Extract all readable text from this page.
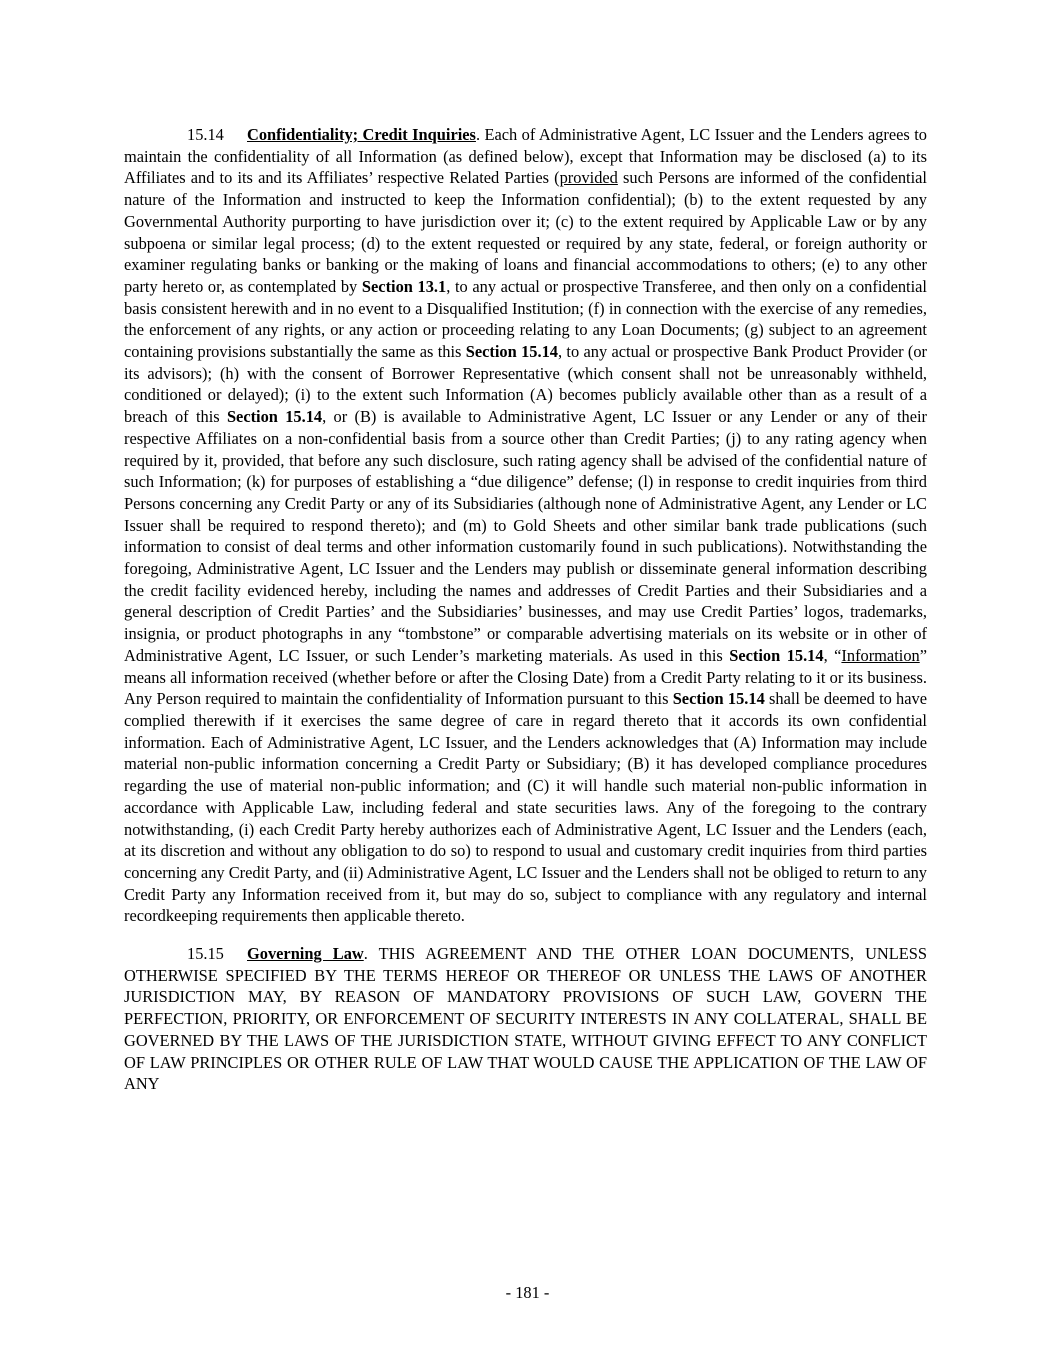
15.14 Confidentiality; Credit Inquiries. Each of Administrative Agent, LC Issuer and the Lenders agrees to maintain the confidentiality of all Information (as defined below), except that Information may be disclosed (a) to its Affiliates and to its and its Affiliates’ respective Related Parties (provided such Persons are informed of the confidential nature of the Information and instructed to keep the Information confidential); (b) to the extent requested by any Governmental Authority purporting to have jurisdiction over it; (c) to the extent required by Applicable Law or by any subpoena or similar legal process; (d) to the extent requested or required by any state, federal, or foreign authority or examiner regulating banks or banking or the making of loans and financial accommodations to others; (e) to any other party hereto or, as contemplated by Section 13.1, to any actual or prospective Transferee, and then only on a confidential basis consistent herewith and in no event to a Disqualified Institution; (f) in connection with the exercise of any remedies, the enforcement of any rights, or any action or proceeding relating to any Loan Documents; (g) subject to an agreement containing provisions substantially the same as this Section 15.14, to any actual or prospective Bank Product Provider (or its advisors); (h) with the consent of Borrower Representative (which consent shall not be unreasonably withheld, conditioned or delayed); (i) to the extent such Information (A) becomes publicly available other than as a result of a breach of this Section 15.14, or (B) is available to Administrative Agent, LC Issuer or any Lender or any of their respective Affiliates on a non-confidential basis from a source other than Credit Parties; (j) to any rating agency when required by it, provided, that before any such disclosure, such rating agency shall be advised of the confidential nature of such Information; (k) for purposes of establishing a “due diligence” defense; (l) in response to credit inquiries from third Persons concerning any Credit Party or any of its Subsidiaries (although none of Administrative Agent, any Lender or LC Issuer shall be required to respond thereto); and (m) to Gold Sheets and other similar bank trade publications (such information to consist of deal terms and other information customarily found in such publications). Notwithstanding the foregoing, Administrative Agent, LC Issuer and the Lenders may publish or disseminate general information describing the credit facility evidenced hereby, including the names and addresses of Credit Parties and their Subsidiaries and a general description of Credit Parties’ and the Subsidiaries’ businesses, and may use Credit Parties’ logos, trademarks, insignia, or product photographs in any “tombstone” or comparable advertising materials on its website or in other of Administrative Agent, LC Issuer, or such Lender’s marketing materials. As used in this Section 15.14, “Information” means all information received (whether before or after the Closing Date) from a Credit Party relating to it or its business. Any Person required to maintain the confidentiality of Information pursuant to this Section 15.14 shall be deemed to have complied therewith if it exercises the same degree of care in regard thereto that it accords its own confidential information. Each of Administrative Agent, LC Issuer, and the Lenders acknowledges that (A) Information may include material non-public information concerning a Credit Party or Subsidiary; (B) it has developed compliance procedures regarding the use of material non-public information; and (C) it will handle such material non-public information in accordance with Applicable Law, including federal and state securities laws. Any of the foregoing to the contrary notwithstanding, (i) each Credit Party hereby authorizes each of Administrative Agent, LC Issuer and the Lenders (each, at its discretion and without any obligation to do so) to respond to usual and customary credit inquiries from third parties concerning any Credit Party, and (ii) Administrative Agent, LC Issuer and the Lenders shall not be obliged to return to any Credit Party any Information received from it, but may do so, subject to compliance with any regulatory and internal recordkeeping requirements then applicable thereto.

15.15 Governing Law. THIS AGREEMENT AND THE OTHER LOAN DOCUMENTS, UNLESS OTHERWISE SPECIFIED BY THE TERMS HEREOF OR THEREOF OR UNLESS THE LAWS OF ANOTHER JURISDICTION MAY, BY REASON OF MANDATORY PROVISIONS OF SUCH LAW, GOVERN THE PERFECTION, PRIORITY, OR ENFORCEMENT OF SECURITY INTERESTS IN ANY COLLATERAL, SHALL BE GOVERNED BY THE LAWS OF THE JURISDICTION STATE, WITHOUT GIVING EFFECT TO ANY CONFLICT OF LAW PRINCIPLES OR OTHER RULE OF LAW THAT WOULD CAUSE THE APPLICATION OF THE LAW OF ANY

- 181 -
